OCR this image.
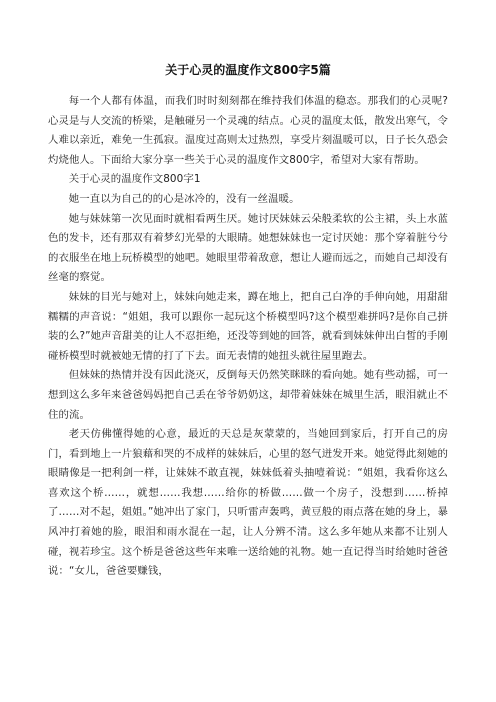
关于心灵的温度作文800字5篇

每一个人都有体温，而我们时时刻刻都在维持我们体温的稳态。那我们的心灵呢?心灵是与人交流的桥梁，是触碰另一个灵魂的结点。心灵的温度太低，散发出寒气，令人难以亲近，难免一生孤寂。温度过高则太过热烈，享受片刻温暖可以，日子长久恐会灼烧他人。下面给大家分享一些关于心灵的温度作文800字，希望对大家有帮助。

关于心灵的温度作文800字1

她一直以为自己的的心是冰冷的，没有一丝温暖。

她与妹妹第一次见面时就相看两生厌。她讨厌妹妹云朵般柔软的公主裙，头上水蓝色的发卡，还有那双有着梦幻光晕的大眼睛。她想妹妹也一定讨厌她：那个穿着脏兮兮的衣服坐在地上玩桥模型的她吧。她眼里带着敌意，想让人避而远之，而她自己却没有丝毫的察觉。

妹妹的目光与她对上，妹妹向她走来，蹲在地上，把自己白净的手伸向她，用甜甜糯糯的声音说：“姐姐，我可以跟你一起玩这个桥模型吗?这个模型难拼吗?是你自己拼装的么?”她声音甜美的让人不忍拒绝，还没等到她的回答，就看到妹妹伸出白皙的手刚碰桥模型时就被她无情的打了下去。面无表情的她扭头就往屋里跑去。

但妹妹的热情并没有因此浇灭，反倒每天仍然笑眯眯的看向她。她有些动摇，可一想到这么多年来爸爸妈妈把自己丢在爷爷奶奶这，却带着妹妹在城里生活，眼泪就止不住的流。

老天仿佛懂得她的心意，最近的天总是灰蒙蒙的，当她回到家后，打开自己的房门，看到地上一片狼藉和哭的不成样的妹妹后，心里的怒气迸发开来。她觉得此刻她的眼睛像是一把利剑一样，让妹妹不敢直视，妹妹低着头抽噎着说：“姐姐，我看你这么喜欢这个桥……，就想……我想……给你的桥做……做一个房子，没想到……桥掉了……对不起，姐姐。”她冲出了家门，只听雷声轰鸣，黄豆般的雨点落在她的身上，暴风冲打着她的脸，眼泪和雨水混在一起，让人分辨不清。这么多年她从来都不让别人碰，视若珍宝。这个桥是爸爸这些年来唯一送给她的礼物。她一直记得当时给她时爸爸说：“女儿，爸爸要赚钱，
